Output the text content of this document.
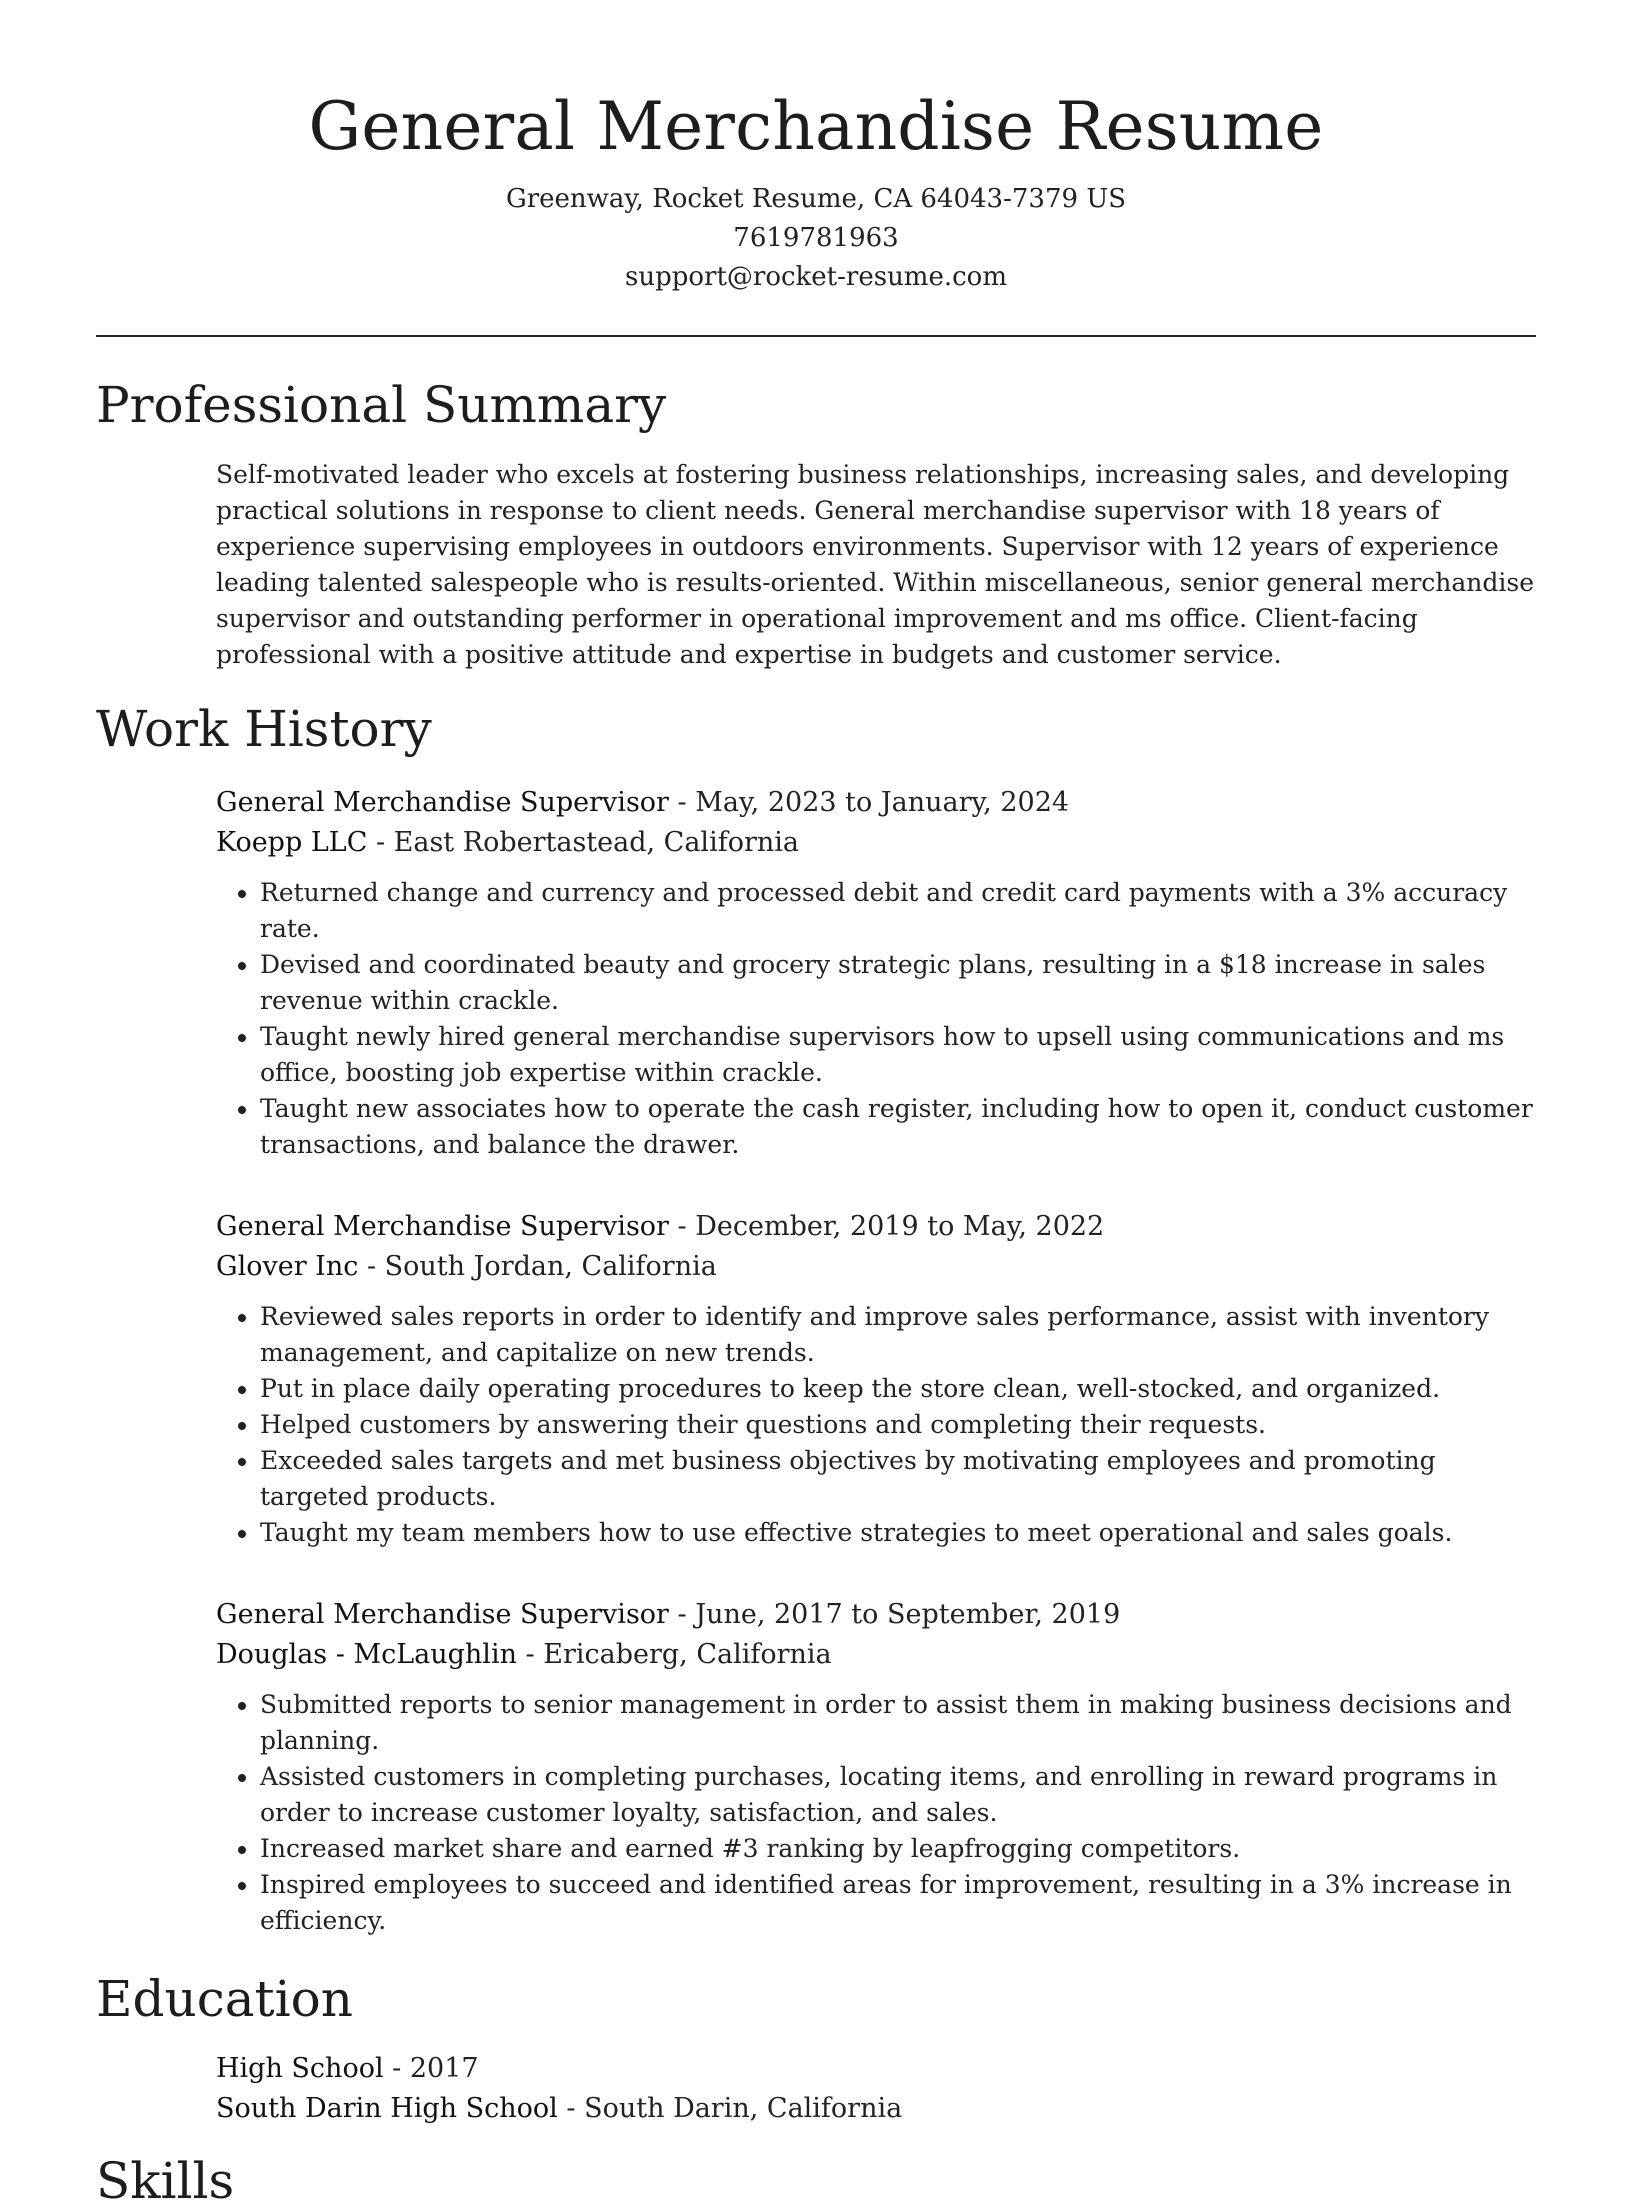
General Merchandise Resume
Greenway, Rocket Resume, CA 64043-7379 US
7619781963
support@rocket-resume.com
Professional Summary

Self-motivated leader who excels at fostering business relationships, increasing sales, and developing practical solutions in response to client needs. General merchandise supervisor with 18 years of experience supervising employees in outdoors environments. Supervisor with 12 years of experience leading talented salespeople who is results-oriented. Within miscellaneous, senior general merchandise supervisor and outstanding performer in operational improvement and ms office. Client-facing professional with a positive attitude and expertise in budgets and customer service.

Work History
General Merchandise Supervisor - May, 2023 to January, 2024
Koepp LLC - East Robertastead, California
• Returned change and currency and processed debit and credit card payments with a 3% accuracy rate.
• Devised and coordinated beauty and grocery strategic plans, resulting in a $18 increase in sales revenue within crackle.
• Taught newly hired general merchandise supervisors how to upsell using communications and ms office, boosting job expertise within crackle.
• Taught new associates how to operate the cash register, including how to open it, conduct customer transactions, and balance the drawer.
General Merchandise Supervisor - December, 2019 to May, 2022
Glover Inc - South Jordan, California
• Reviewed sales reports in order to identify and improve sales performance, assist with inventory management, and capitalize on new trends.
• Put in place daily operating procedures to keep the store clean, well-stocked, and organized.
• Helped customers by answering their questions and completing their requests.
• Exceeded sales targets and met business objectives by motivating employees and promoting targeted products.
• Taught my team members how to use effective strategies to meet operational and sales goals.
General Merchandise Supervisor - June, 2017 to September, 2019
Douglas - McLaughlin - Ericaberg, California
• Submitted reports to senior management in order to assist them in making business decisions and planning.
• Assisted customers in completing purchases, locating items, and enrolling in reward programs in order to increase customer loyalty, satisfaction, and sales.
• Increased market share and earned #3 ranking by leapfrogging competitors.
• Inspired employees to succeed and identified areas for improvement, resulting in a 3% increase in efficiency.
Education
High School - 2017
South Darin High School - South Darin, California
Skills
